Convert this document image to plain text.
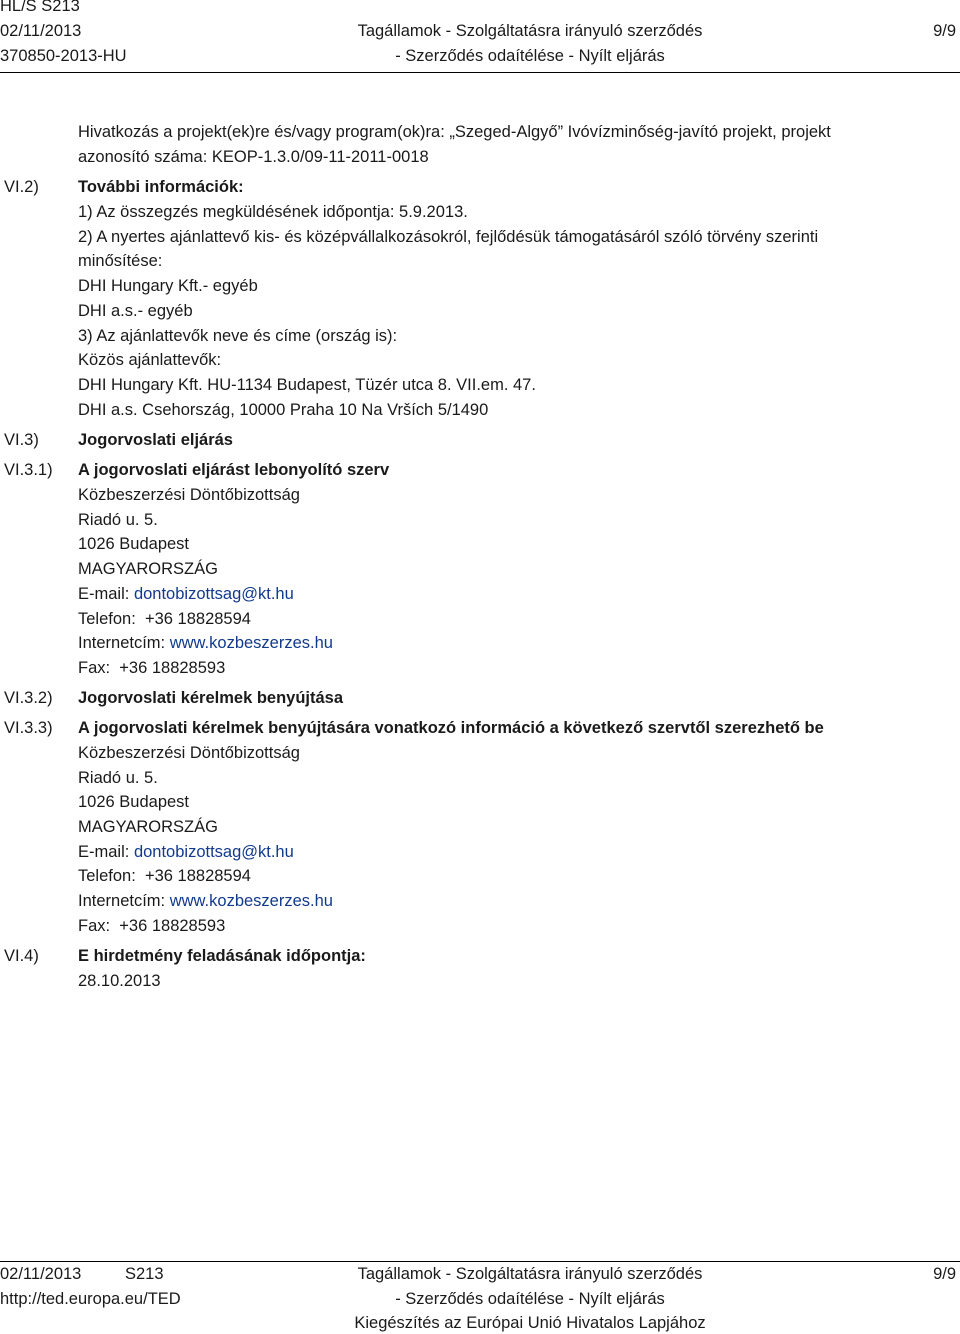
HL/S S213
02/11/2013
370850-2013-HU
Tagállamok - Szolgáltatásra irányuló szerződés
- Szerződés odaítélése - Nyílt eljárás
9/9
Hivatkozás a projekt(ek)re és/vagy program(ok)ra: „Szeged-Algyő” Ivóvízminőség-javító projekt, projekt
azonosító száma: KEOP-1.3.0/09-11-2011-0018
VI.2) További információk:
1) Az összegzés megküldésének időpontja: 5.9.2013.
2) A nyertes ajánlattevő kis- és középvállalkozásokról, fejlődésük támogatásáról szóló törvény szerinti
minősítése:
DHI Hungary Kft.- egyéb
DHI a.s.- egyéb
3) Az ajánlattevők neve és címe (ország is):
Közös ajánlattevők:
DHI Hungary Kft. HU-1134 Budapest, Tüzér utca 8. VII.em. 47.
DHI a.s. Csehország, 10000 Praha 10 Na Vrších 5/1490
VI.3) Jogorvoslati eljárás
VI.3.1) A jogorvoslati eljárást lebonyolító szerv
Közbeszerzési Döntőbizottság
Riadó u. 5.
1026 Budapest
MAGYARORSZÁG
E-mail: dontobizottsag@kt.hu
Telefon: +36 18828594
Internetcím: www.kozbeszerzes.hu
Fax: +36 18828593
VI.3.2) Jogorvoslati kérelmek benyújtása
VI.3.3) A jogorvoslati kérelmek benyújtására vonatkozó információ a következő szervtől szerezhető be
Közbeszerzési Döntőbizottság
Riadó u. 5.
1026 Budapest
MAGYARORSZÁG
E-mail: dontobizottsag@kt.hu
Telefon: +36 18828594
Internetcím: www.kozbeszerzes.hu
Fax: +36 18828593
VI.4) E hirdetmény feladásának időpontja:
28.10.2013
02/11/2013	S213
http://ted.europa.eu/TED
Tagállamok - Szolgáltatásra irányuló szerződés
- Szerződés odaítélése - Nyílt eljárás
Kiegészítés az Európai Unió Hivatalos Lapjához
9/9
